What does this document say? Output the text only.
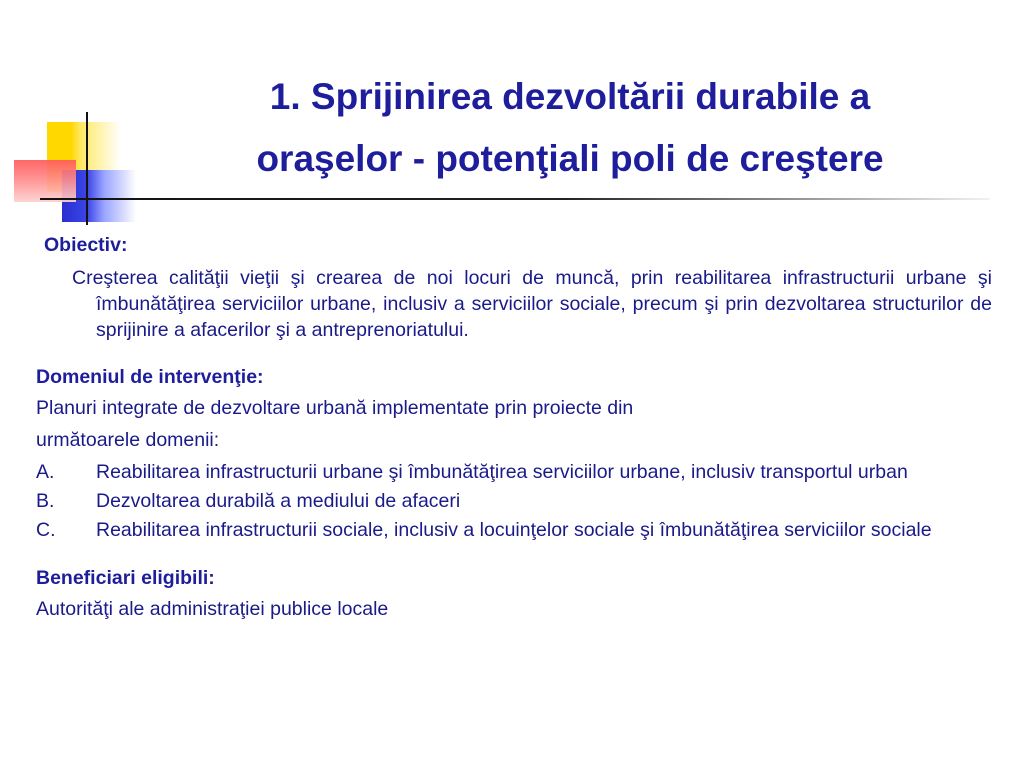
1. Sprijinirea dezvoltării durabile a
oraşelor - potenţiali poli de creştere
Obiectiv:
Creşterea calităţii vieţii şi crearea de noi locuri de muncă, prin reabilitarea infrastructurii urbane şi îmbunătăţirea serviciilor urbane, inclusiv a serviciilor sociale, precum şi prin dezvoltarea structurilor de sprijinire a afacerilor şi a antreprenoriatului.
Domeniul de intervenţie:
Planuri integrate de dezvoltare urbană implementate prin proiecte din
următoarele domenii:
A.	Reabilitarea infrastructurii urbane şi îmbunătăţirea serviciilor urbane, inclusiv transportul urban
B.	Dezvoltarea durabilă a mediului de afaceri
C.	Reabilitarea infrastructurii sociale, inclusiv a locuinţelor sociale şi îmbunătăţirea serviciilor sociale
Beneficiari eligibili:
Autorităţi ale administraţiei publice locale
